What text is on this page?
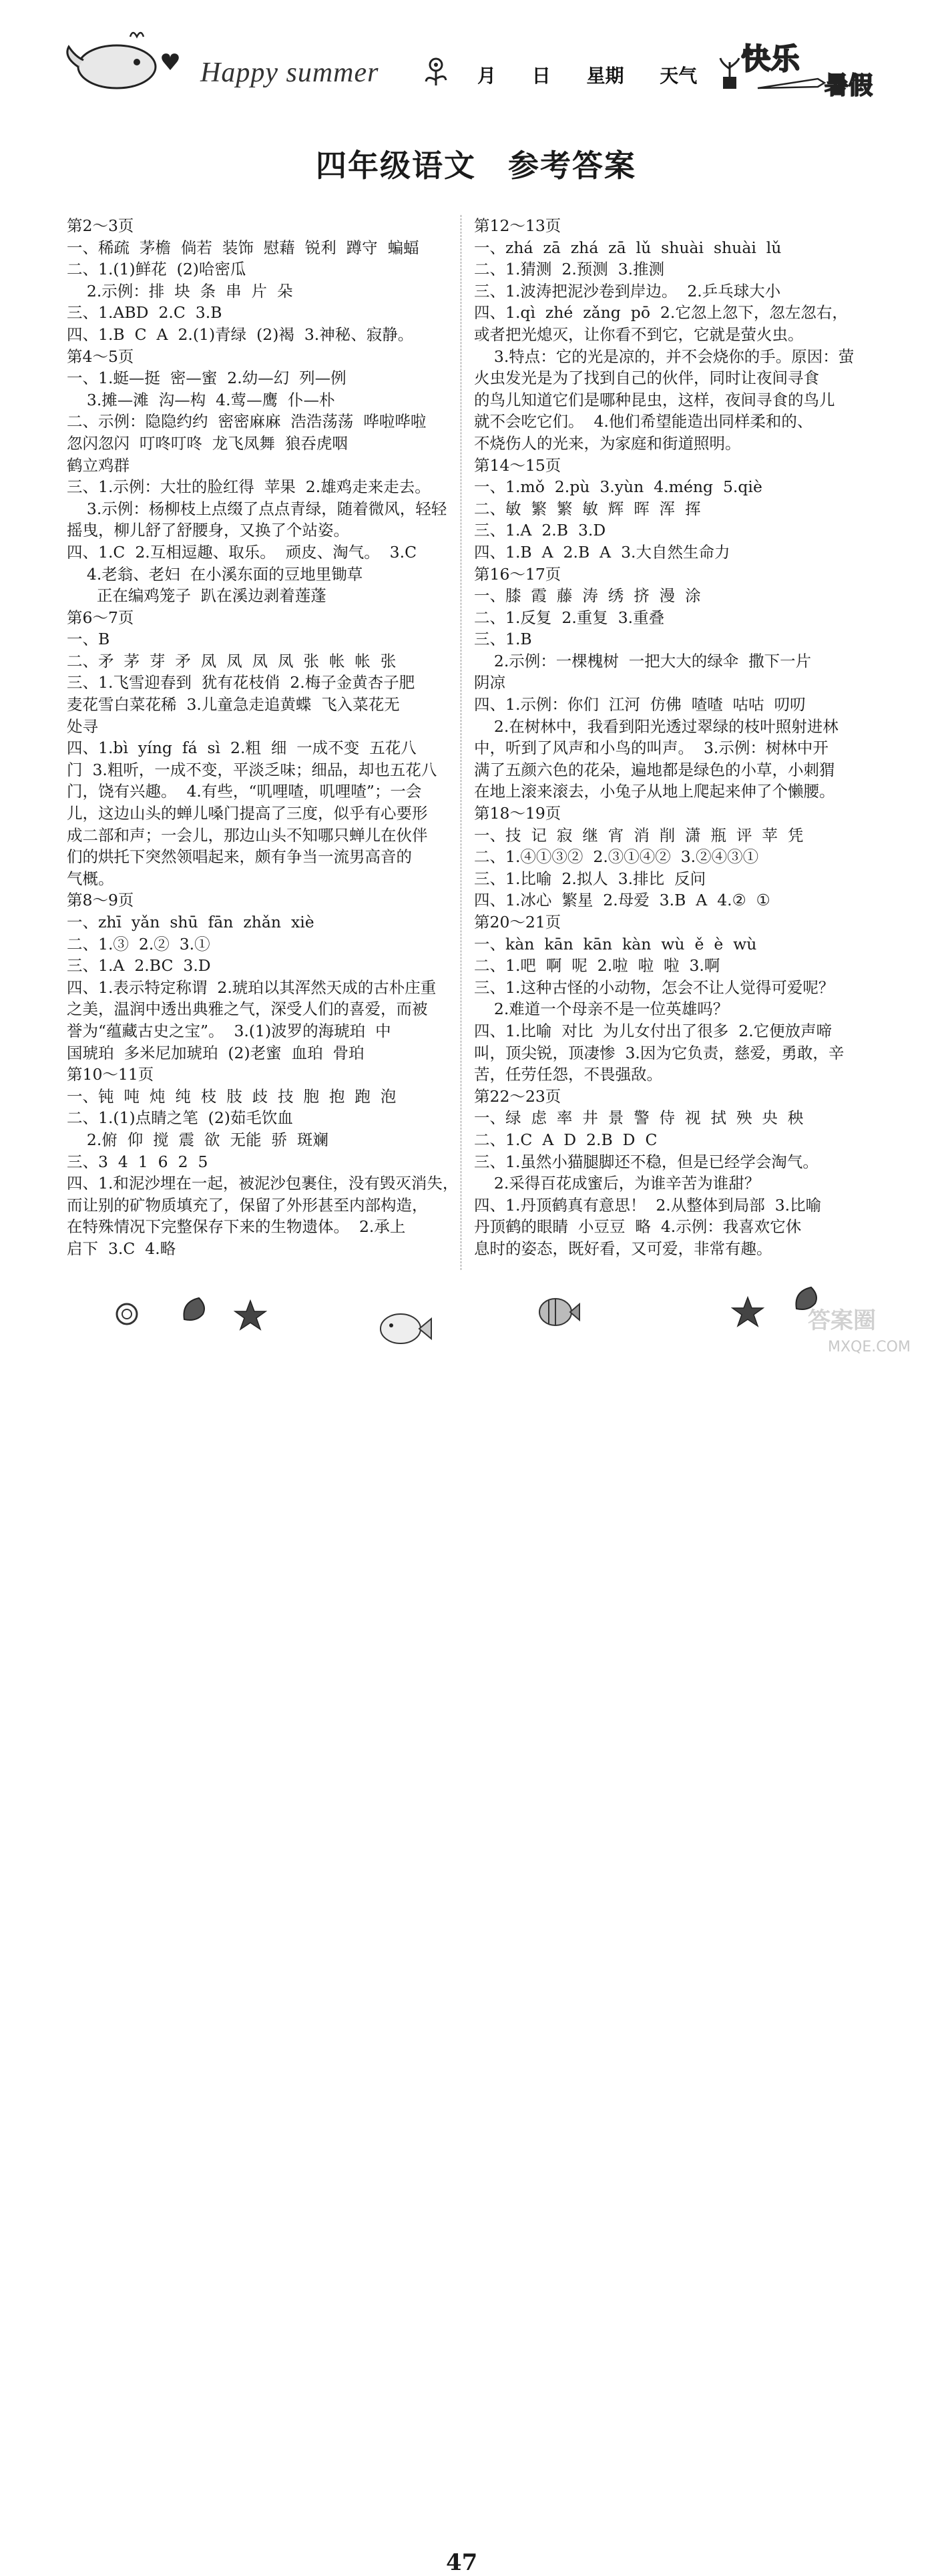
Happy summer	月 日 星期 天气	快乐
暑假
四年级语文　参考答案
第2～3页
一、稀疏  茅檐  倘若  装饰  慰藉  锐利  蹲守  蝙蝠
二、1.(1)鲜花  (2)哈密瓜
2.示例：排  块  条  串  片  朵
三、1.ABD  2.C  3.B
四、1.B  C  A  2.(1)青绿  (2)褐  3.神秘、寂静。
第4～5页
一、1.蜓—挺  密—蜜  2.幼—幻  列—例
3.摊—滩  沟—构  4.莺—鹰  仆—朴
二、示例：隐隐约约  密密麻麻  浩浩荡荡  哗啦哗啦
忽闪忽闪  叮咚叮咚  龙飞凤舞  狼吞虎咽
鹤立鸡群
三、1.示例：大壮的脸红得  苹果  2.雄鸡走来走去。
3.示例：杨柳枝上点缀了点点青绿，随着微风，轻轻
摇曳，柳儿舒了舒腰身，又换了个站姿。
四、1.C  2.互相逗趣、取乐。  顽皮、淘气。  3.C
4.老翁、老妇  在小溪东面的豆地里锄草
正在编鸡笼子  趴在溪边剥着莲蓬
第6～7页
一、B
二、矛  茅  芽  矛  凤  凤  凤  凤  张  帐  帐  张
三、1.飞雪迎春到  犹有花枝俏  2.梅子金黄杏子肥
麦花雪白菜花稀  3.儿童急走追黄蝶  飞入菜花无
处寻
四、1.bì  yíng  fá  sì  2.粗  细  一成不变  五花八
门  3.粗听，一成不变，平淡乏味；细品，却也五花八
门，饶有兴趣。  4.有些，“叽哩喳，叽哩喳”；一会
儿，这边山头的蝉儿嗓门提高了三度，似乎有心要形
成二部和声；一会儿，那边山头不知哪只蝉儿在伙伴
们的烘托下突然领唱起来，颇有争当一流男高音的
气概。
第8～9页
一、zhī  yǎn  shū  fān  zhǎn  xiè
二、1.③  2.②  3.①
三、1.A  2.BC  3.D
四、1.表示特定称谓  2.琥珀以其浑然天成的古朴庄重
之美，温润中透出典雅之气，深受人们的喜爱，而被
誉为“蕴藏古史之宝”。  3.(1)波罗的海琥珀  中
国琥珀  多米尼加琥珀  (2)老蜜  血珀  骨珀
第10～11页
一、钝  吨  炖  纯  枝  肢  歧  技  胞  抱  跑  泡
二、1.(1)点睛之笔  (2)茹毛饮血
2.俯  仰  搅  震  欲  无能  骄  斑斓
三、3  4  1  6  2  5
四、1.和泥沙埋在一起，被泥沙包裹住，没有毁灭消失，
而让别的矿物质填充了，保留了外形甚至内部构造，
在特殊情况下完整保存下来的生物遗体。  2.承上
启下  3.C  4.略
第12～13页
一、zhá  zā  zhá  zā  lǔ  shuài  shuài  lǔ
二、1.猜测  2.预测  3.推测
三、1.波涛把泥沙卷到岸边。  2.乒乓球大小
四、1.qì  zhé  zǎng  pō  2.它忽上忽下，忽左忽右，
或者把光熄灭，让你看不到它，它就是萤火虫。
3.特点：它的光是凉的，并不会烧你的手。原因：萤
火虫发光是为了找到自己的伙伴，同时让夜间寻食
的鸟儿知道它们是哪种昆虫，这样，夜间寻食的鸟儿
就不会吃它们。  4.他们希望能造出同样柔和的、
不烧伤人的光来，为家庭和街道照明。
第14～15页
一、1.mǒ  2.pù  3.yùn  4.méng  5.qiè
二、敏  繁  繁  敏  辉  晖  浑  挥
三、1.A  2.B  3.D
四、1.B  A  2.B  A  3.大自然生命力
第16～17页
一、膝  霞  藤  涛  绣  挤  漫  涂
二、1.反复  2.重复  3.重叠
三、1.B
2.示例：一棵槐树  一把大大的绿伞  撒下一片
阴凉
四、1.示例：你们  江河  仿佛  喳喳  咕咕  叨叨
2.在树林中，我看到阳光透过翠绿的枝叶照射进林
中，听到了风声和小鸟的叫声。  3.示例：树林中开
满了五颜六色的花朵，遍地都是绿色的小草，小刺猬
在地上滚来滚去，小兔子从地上爬起来伸了个懒腰。
第18～19页
一、技  记  寂  继  宵  消  削  潇  瓶  评  苹  凭
二、1.④①③②  2.③①④②  3.②④③①
三、1.比喻  2.拟人  3.排比  反问
四、1.冰心  繁星  2.母爱  3.B  A  4.②  ①
第20～21页
一、kàn  kān  kān  kàn  wù  ě  è  wù
二、1.吧  啊  呢  2.啦  啦  啦  3.啊
三、1.这种古怪的小动物，怎会不让人觉得可爱呢？
2.难道一个母亲不是一位英雄吗？
四、1.比喻  对比  为儿女付出了很多  2.它便放声啼
叫，顶尖锐，顶凄惨  3.因为它负责，慈爱，勇敢，辛
苦，任劳任怨，不畏强敌。
第22～23页
一、绿  虑  率  井  景  警  侍  视  拭  殃  央  秧
二、1.C  A  D  2.B  D  C
三、1.虽然小猫腿脚还不稳，但是已经学会淘气。
2.采得百花成蜜后，为谁辛苦为谁甜？
四、1.丹顶鹤真有意思！  2.从整体到局部  3.比喻
丹顶鹤的眼睛  小豆豆  略  4.示例：我喜欢它休
息时的姿态，既好看，又可爱，非常有趣。
47
答案圈
MXQE.COM
